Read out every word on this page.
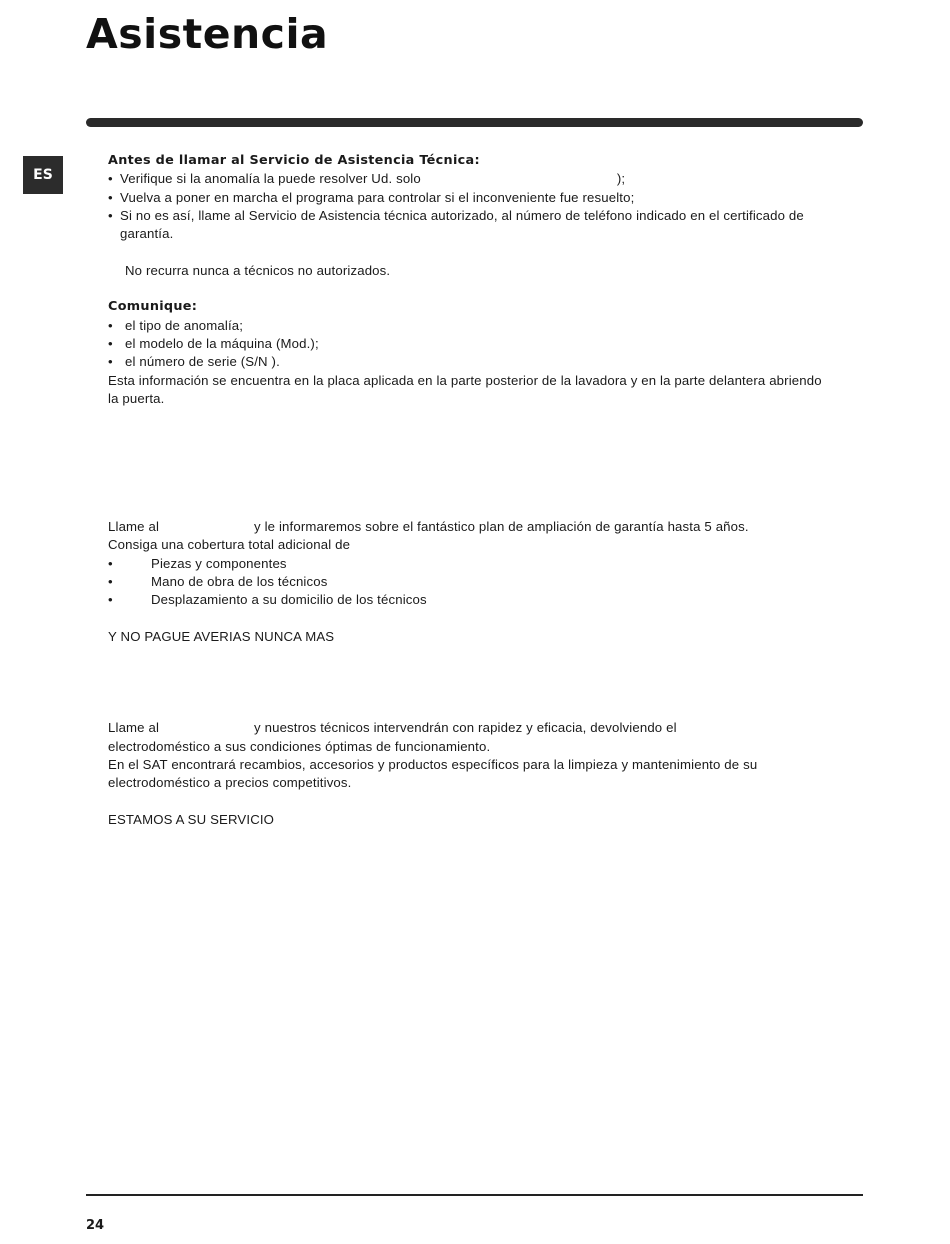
Asistencia
ES

Antes de llamar al Servicio de Asistencia Técnica:

• Verifique si la anomalía la puede resolver Ud. solo	);

• Vuelva a poner en marcha el programa para controlar si el inconveniente fue resuelto;

• Si no es así, llame al Servicio de Asistencia técnica autorizado, al número de teléfono indicado en el certificado de garantía.

No recurra nunca a técnicos no autorizados.

Comunique:

• el tipo de anomalía;

• el modelo de la máquina (Mod.);

• el número de serie (S/N ).

Esta información se encuentra en la placa aplicada en la parte posterior de la lavadora y en la parte delantera abriendo la puerta.

Llame al	y le informaremos sobre el fantástico plan de ampliación de garantía hasta 5 años.

Consiga una cobertura total adicional de

•	Piezas y componentes

•	Mano de obra de los técnicos

•	Desplazamiento a su domicilio de los técnicos

Y NO PAGUE AVERIAS NUNCA MAS

Llame al	y nuestros técnicos intervendrán con rapidez y eficacia, devolviendo el

electrodoméstico a sus condiciones óptimas de funcionamiento.

En el SAT encontrará recambios, accesorios y productos específicos para la limpieza y mantenimiento de su electrodoméstico a precios competitivos.

ESTAMOS A SU SERVICIO

24
